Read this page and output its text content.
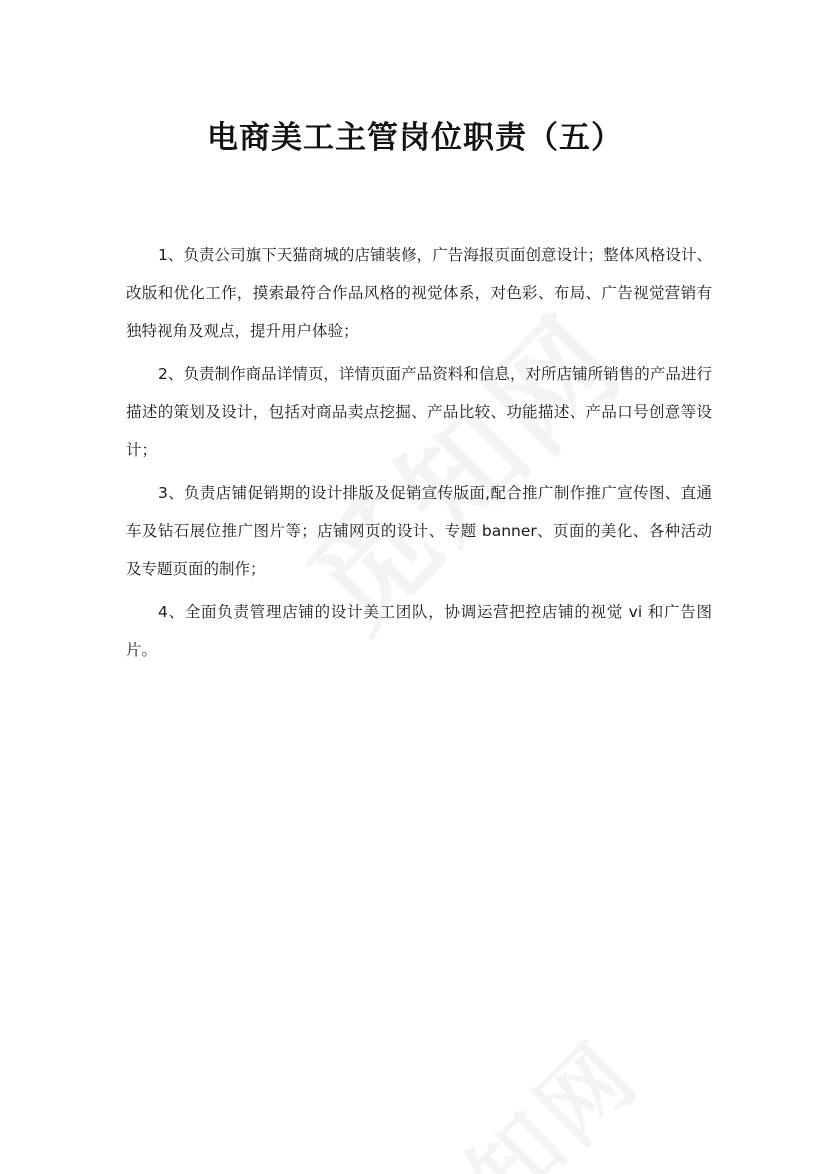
电商美工主管岗位职责（五）

1、负责公司旗下天猫商城的店铺装修，广告海报页面创意设计；整体风格设计、改版和优化工作，摸索最符合作品风格的视觉体系，对色彩、布局、广告视觉营销有独特视角及观点，提升用户体验；

2、负责制作商品详情页，详情页面产品资料和信息，对所店铺所销售的产品进行描述的策划及设计，包括对商品卖点挖掘、产品比较、功能描述、产品口号创意等设计；

3、负责店铺促销期的设计排版及促销宣传版面,配合推广制作推广宣传图、直通车及钻石展位推广图片等；店铺网页的设计、专题 banner、页面的美化、各种活动及专题页面的制作；

4、全面负责管理店铺的设计美工团队，协调运营把控店铺的视觉 vi 和广告图片。
